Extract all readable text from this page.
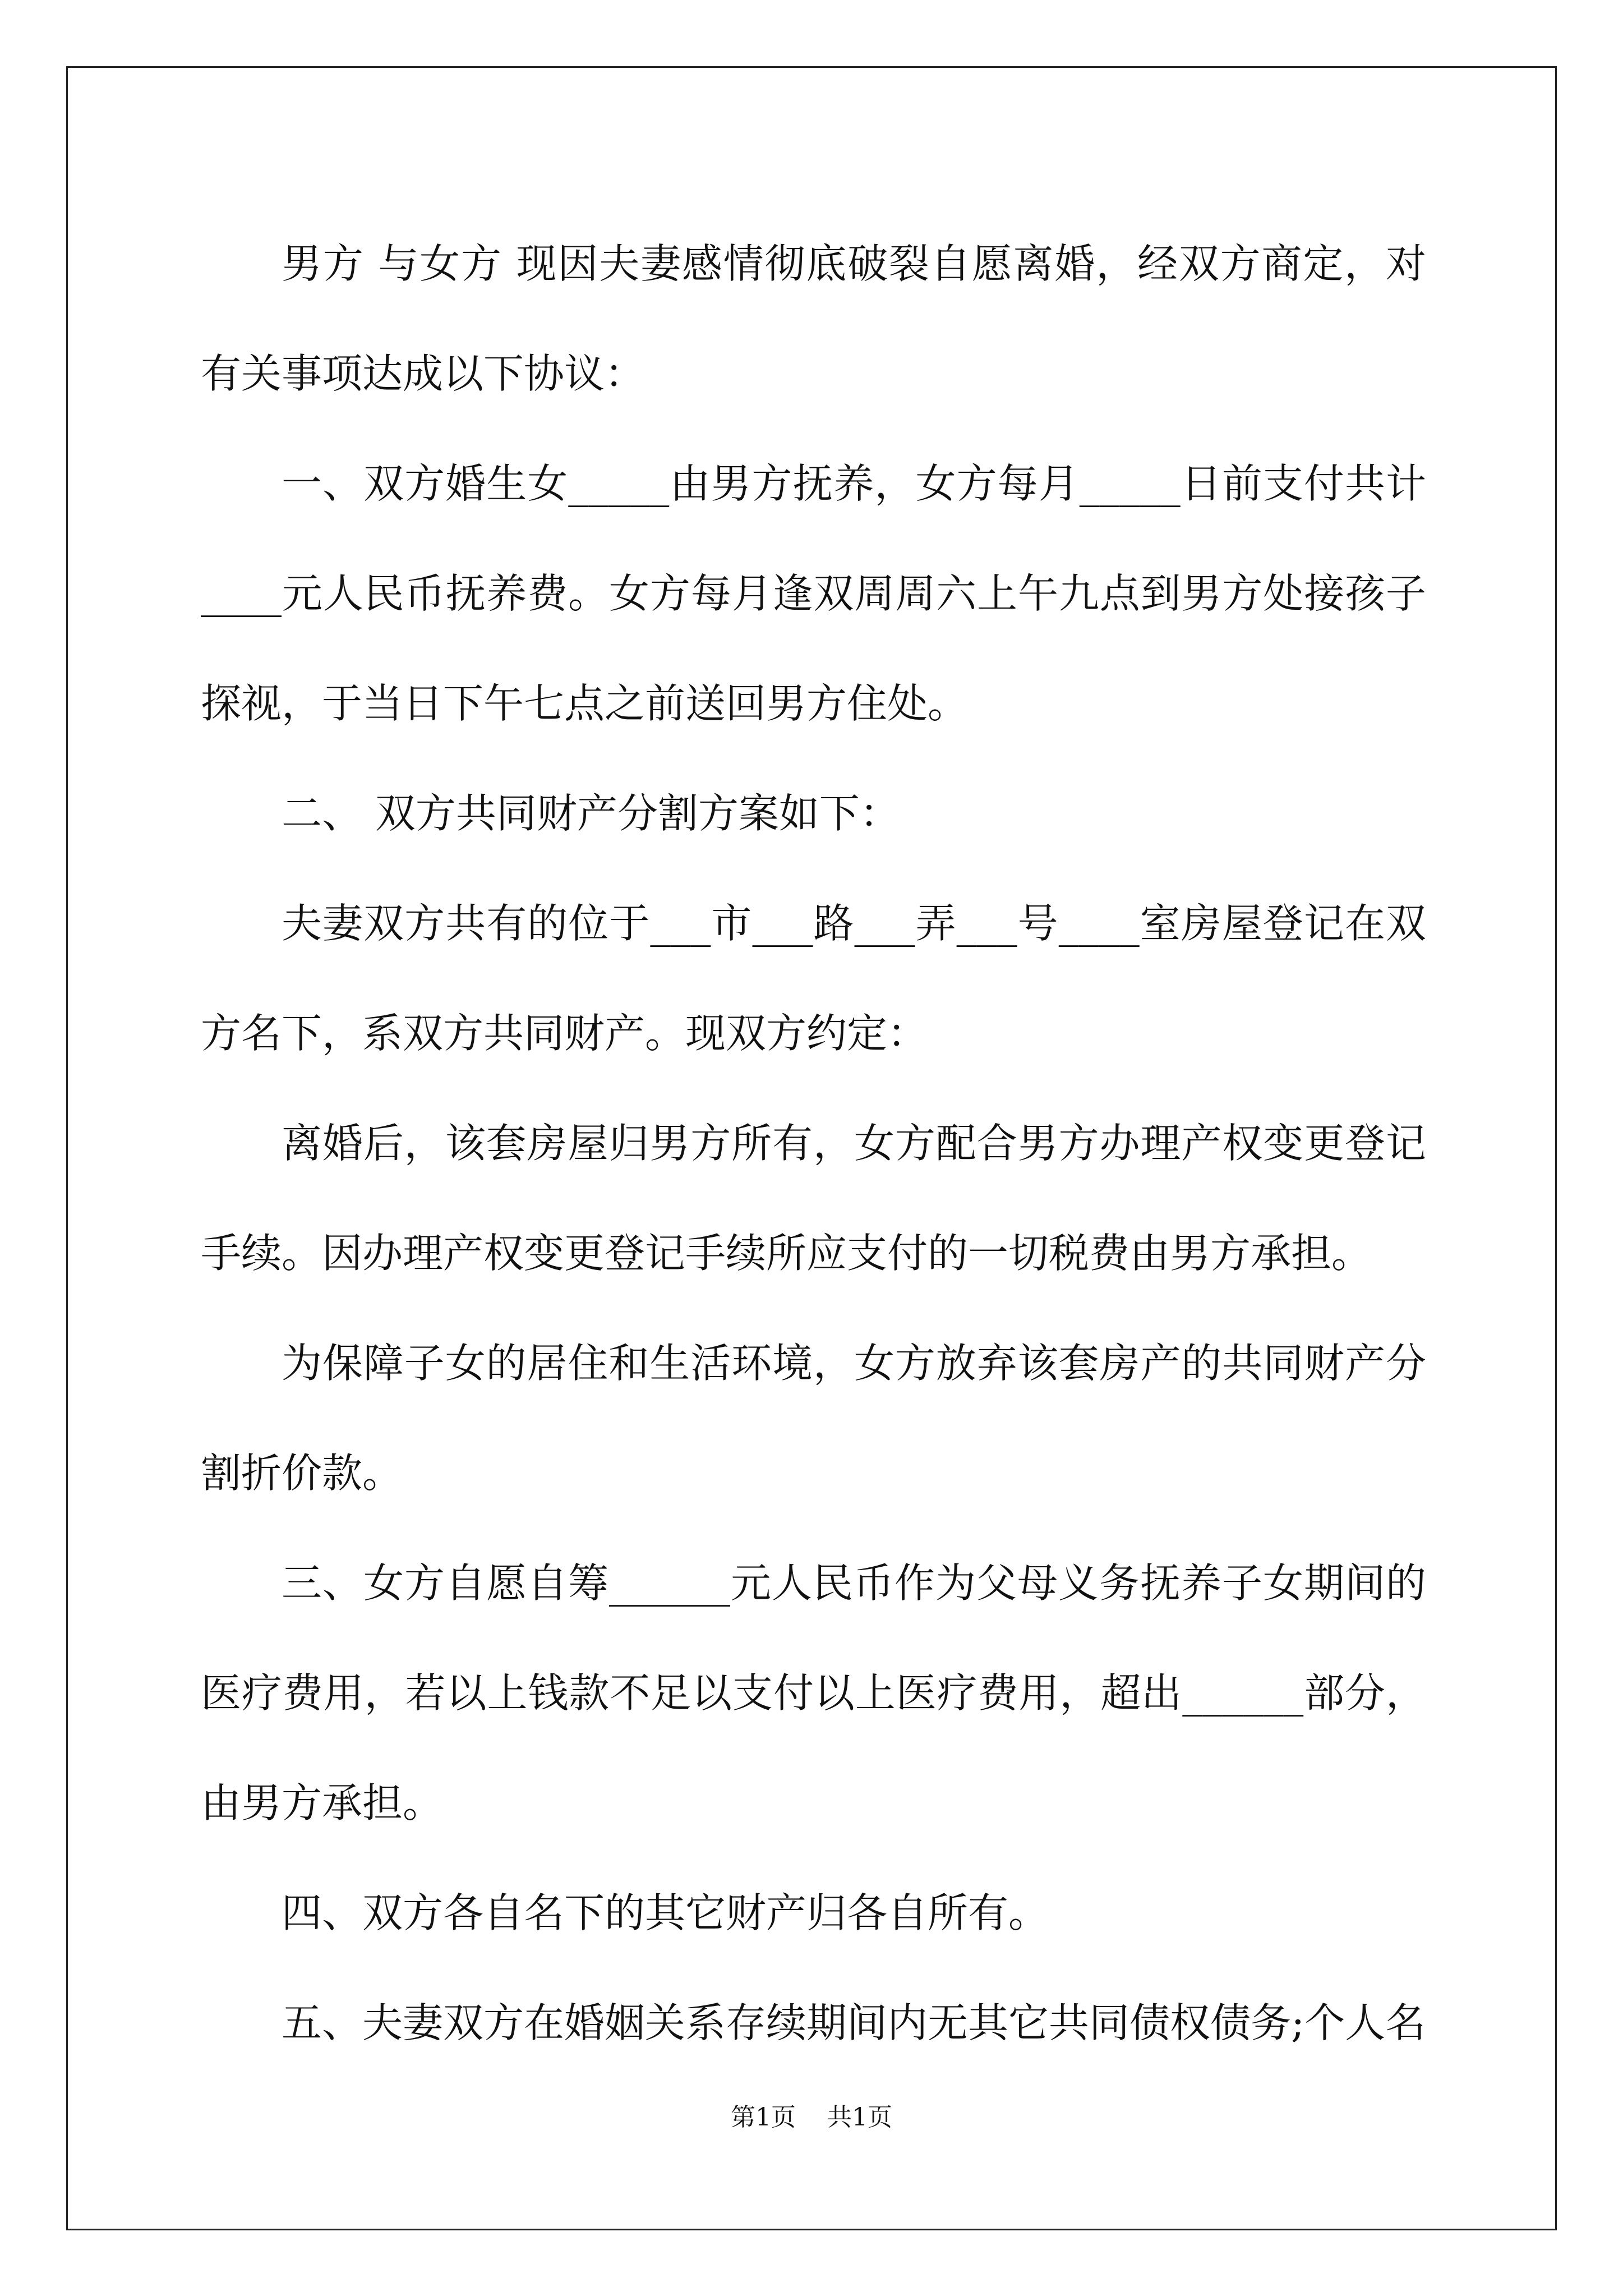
男方 与女方 现因夫妻感情彻底破裂自愿离婚，经双方商定，对有关事项达成以下协议：

一、双方婚生女_____由男方抚养，女方每月_____日前支付共计____元人民币抚养费。女方每月逢双周周六上午九点到男方处接孩子探视，于当日下午七点之前送回男方住处。

二、 双方共同财产分割方案如下：

夫妻双方共有的位于___市___路___弄___号____室房屋登记在双方名下，系双方共同财产。现双方约定：

离婚后，该套房屋归男方所有，女方配合男方办理产权变更登记手续。因办理产权变更登记手续所应支付的一切税费由男方承担。

为保障子女的居住和生活环境，女方放弃该套房产的共同财产分割折价款。

三、女方自愿自筹______元人民币作为父母义务抚养子女期间的医疗费用，若以上钱款不足以支付以上医疗费用，超出______部分，由男方承担。

四、双方各自名下的其它财产归各自所有。

五、夫妻双方在婚姻关系存续期间内无其它共同债权债务;个人名

第1页 共1页
